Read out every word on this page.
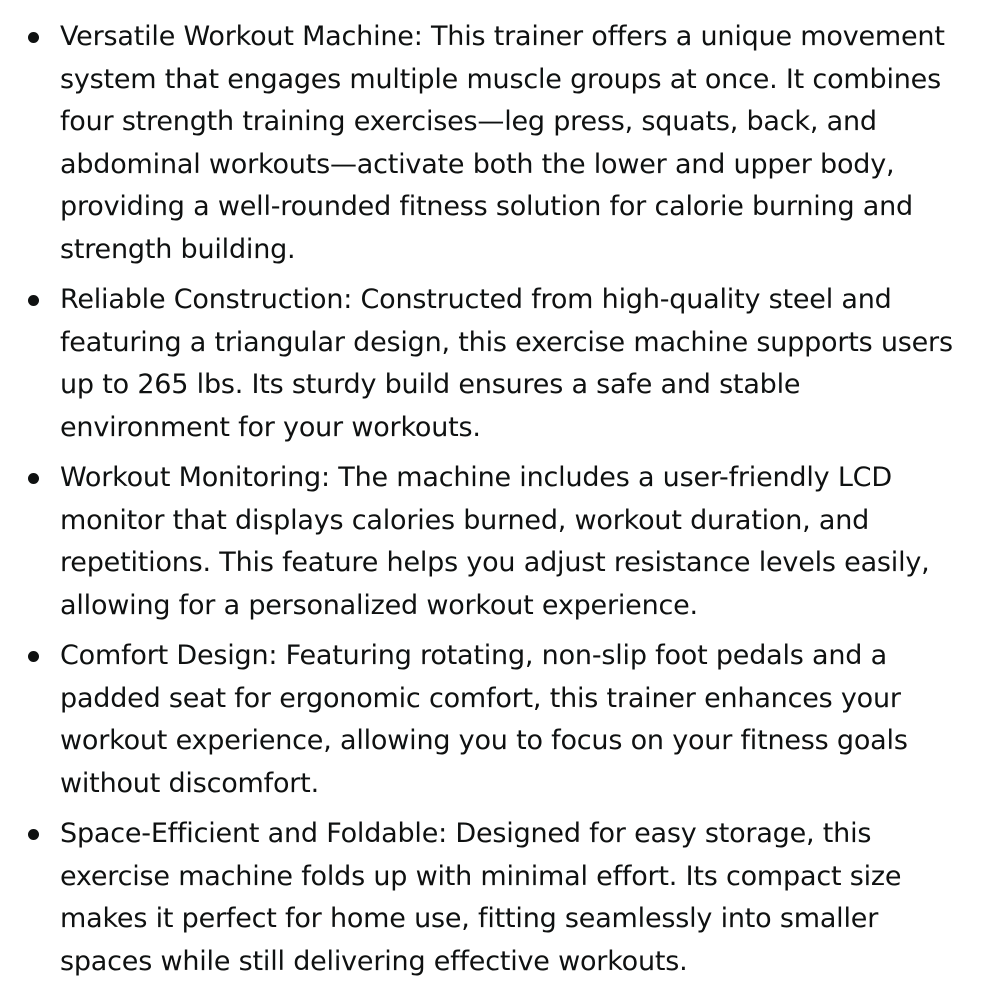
Versatile Workout Machine: This trainer offers a unique movement system that engages multiple muscle groups at once. It combines four strength training exercises—leg press, squats, back, and abdominal workouts—activate both the lower and upper body, providing a well-rounded fitness solution for calorie burning and strength building.
Reliable Construction: Constructed from high-quality steel and featuring a triangular design, this exercise machine supports users up to 265 lbs. Its sturdy build ensures a safe and stable environment for your workouts.
Workout Monitoring: The machine includes a user-friendly LCD monitor that displays calories burned, workout duration, and repetitions. This feature helps you adjust resistance levels easily, allowing for a personalized workout experience.
Comfort Design: Featuring rotating, non-slip foot pedals and a padded seat for ergonomic comfort, this trainer enhances your workout experience, allowing you to focus on your fitness goals without discomfort.
Space-Efficient and Foldable: Designed for easy storage, this exercise machine folds up with minimal effort. Its compact size makes it perfect for home use, fitting seamlessly into smaller spaces while still delivering effective workouts.
